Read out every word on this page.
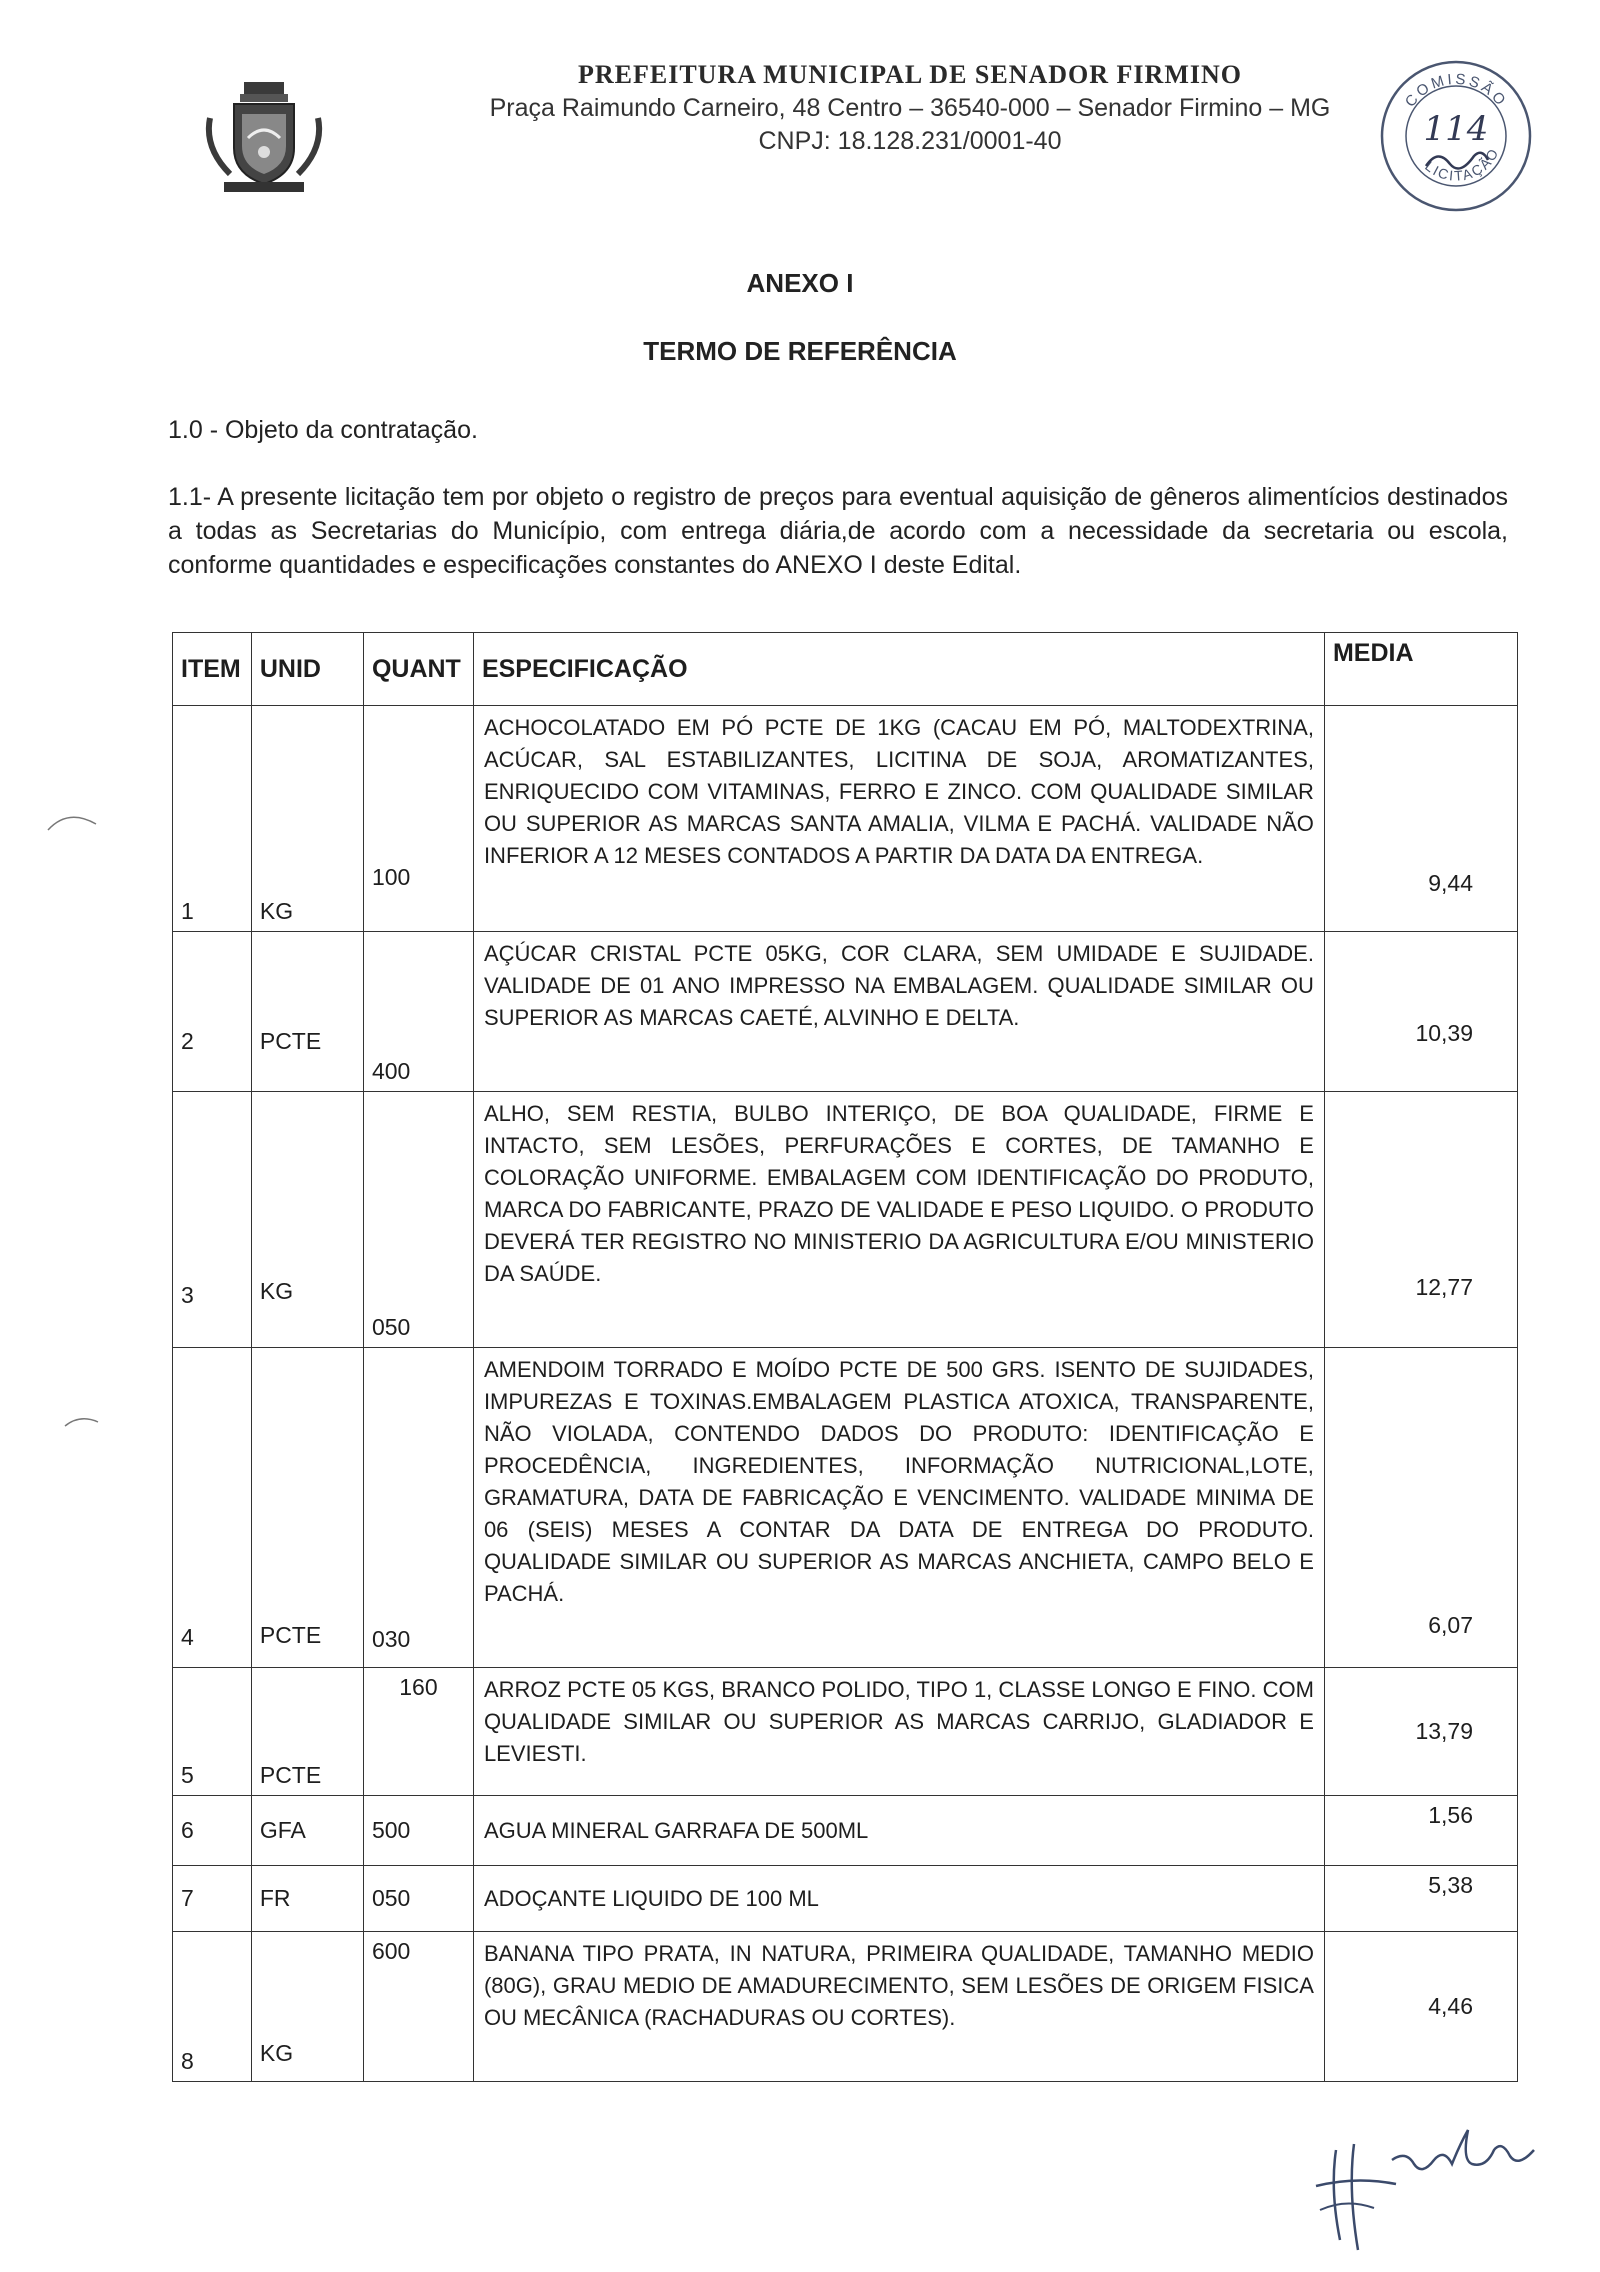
PREFEITURA MUNICIPAL DE SENADOR FIRMINO
Praça Raimundo Carneiro, 48 Centro – 36540-000 – Senador Firmino – MG
CNPJ: 18.128.231/0001-40
COMISSÃO
LICITAÇÃO
114
ANEXO I
TERMO DE REFERÊNCIA
1.0 - Objeto da contratação.
1.1- A presente licitação tem por objeto o registro de preços para eventual aquisição de gêneros alimentícios destinados a todas as Secretarias do Município, com entrega diária,de acordo com a necessidade da secretaria ou escola, conforme quantidades e especificações constantes do ANEXO I deste Edital.
ITEM	UNID	QUANT	ESPECIFICAÇÃO	MEDIA
1	KG	100	ACHOCOLATADO EM PÓ PCTE DE 1KG (CACAU EM PÓ, MALTODEXTRINA, ACÚCAR, SAL ESTABILIZANTES, LICITINA DE SOJA, AROMATIZANTES, ENRIQUECIDO COM VITAMINAS, FERRO E ZINCO. COM QUALIDADE SIMILAR OU SUPERIOR AS MARCAS SANTA AMALIA, VILMA E PACHÁ. VALIDADE NÃO INFERIOR A 12 MESES CONTADOS A PARTIR DA DATA DA ENTREGA.	9,44
2	PCTE	400	AÇÚCAR CRISTAL PCTE 05KG, COR CLARA, SEM UMIDADE E SUJIDADE. VALIDADE DE 01 ANO IMPRESSO NA EMBALAGEM. QUALIDADE SIMILAR OU SUPERIOR AS MARCAS CAETÉ, ALVINHO E DELTA.	10,39
3	KG	050	ALHO, SEM RESTIA, BULBO INTERIÇO, DE BOA QUALIDADE, FIRME E INTACTO, SEM LESÕES, PERFURAÇÕES E CORTES, DE TAMANHO E COLORAÇÃO UNIFORME. EMBALAGEM COM IDENTIFICAÇÃO DO PRODUTO, MARCA DO FABRICANTE, PRAZO DE VALIDADE E PESO LIQUIDO. O PRODUTO DEVERÁ TER REGISTRO NO MINISTERIO DA AGRICULTURA E/OU MINISTERIO DA SAÚDE.	12,77
4	PCTE	030	AMENDOIM TORRADO E MOÍDO PCTE DE 500 GRS. ISENTO DE SUJIDADES, IMPUREZAS E TOXINAS.EMBALAGEM PLASTICA ATOXICA, TRANSPARENTE, NÃO VIOLADA, CONTENDO DADOS DO PRODUTO: IDENTIFICAÇÃO E PROCEDÊNCIA, INGREDIENTES, INFORMAÇÃO NUTRICIONAL,LOTE, GRAMATURA, DATA DE FABRICAÇÃO E VENCIMENTO. VALIDADE MINIMA DE 06 (SEIS) MESES A CONTAR DA DATA DE ENTREGA DO PRODUTO. QUALIDADE SIMILAR OU SUPERIOR AS MARCAS ANCHIETA, CAMPO BELO E PACHÁ.	6,07
5	PCTE	160	ARROZ PCTE 05 KGS, BRANCO POLIDO, TIPO 1, CLASSE LONGO E FINO. COM QUALIDADE SIMILAR OU SUPERIOR AS MARCAS CARRIJO, GLADIADOR E LEVIESTI.	13,79
6	GFA	500	AGUA MINERAL GARRAFA DE 500ML	1,56
7	FR	050	ADOÇANTE LIQUIDO DE 100 ML	5,38
8	KG	600	BANANA TIPO PRATA, IN NATURA, PRIMEIRA QUALIDADE, TAMANHO MEDIO (80G), GRAU MEDIO DE AMADURECIMENTO, SEM LESÕES DE ORIGEM FISICA OU MECÂNICA (RACHADURAS OU CORTES).	4,46
